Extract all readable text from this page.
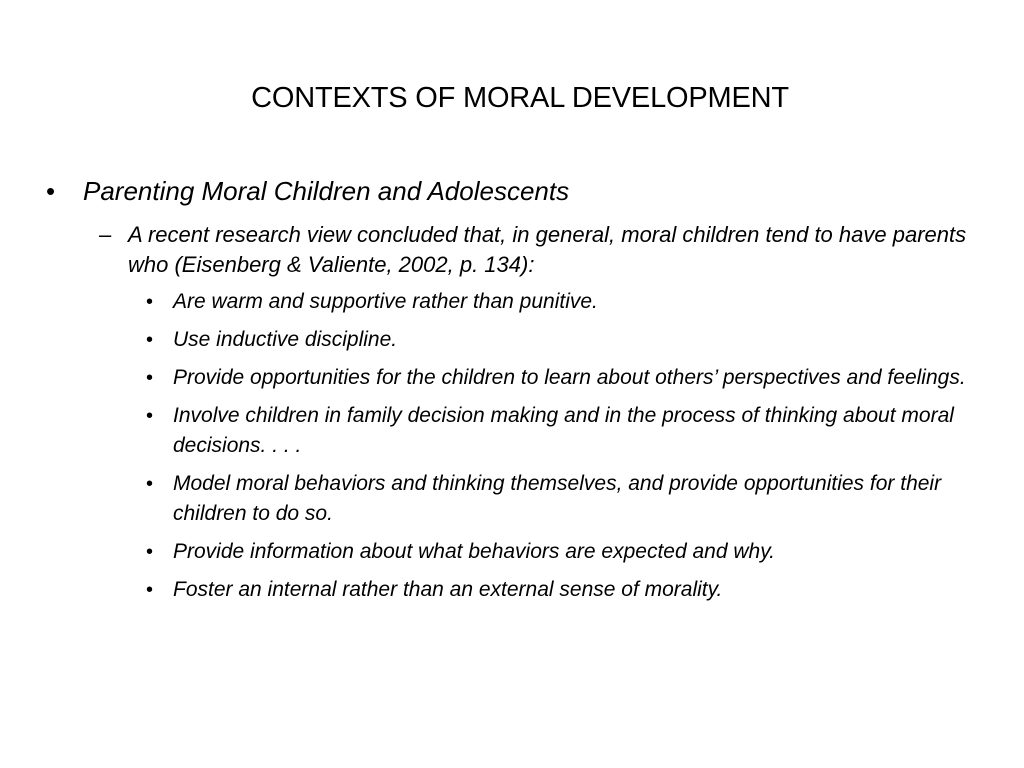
CONTEXTS OF MORAL DEVELOPMENT
• Parenting Moral Children and Adolescents
– A recent research view concluded that, in general, moral children tend to have parents who (Eisenberg & Valiente, 2002, p. 134):
• Are warm and supportive rather than punitive.
• Use inductive discipline.
• Provide opportunities for the children to learn about others’ perspectives and feelings.
• Involve children in family decision making and in the process of thinking about moral decisions. . . .
• Model moral behaviors and thinking themselves, and provide opportunities for their children to do so.
• Provide information about what behaviors are expected and why.
• Foster an internal rather than an external sense of morality.
